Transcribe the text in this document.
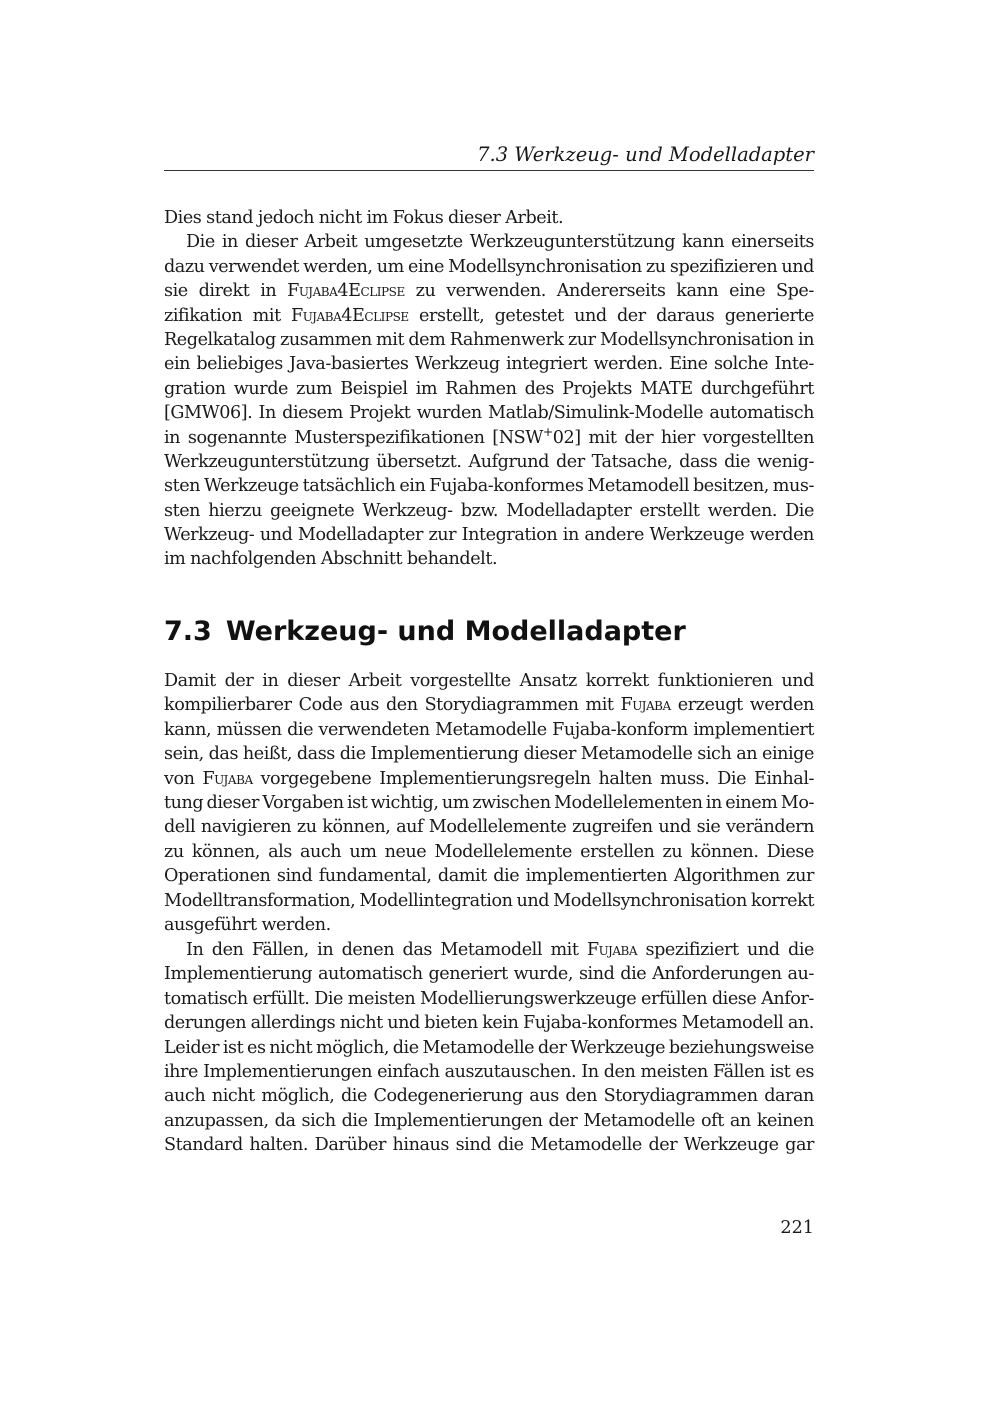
7.3 Werkzeug- und Modelladapter
Dies stand jedoch nicht im Fokus dieser Arbeit.
Die in dieser Arbeit umgesetzte Werkzeugunterstützung kann einerseits
dazu verwendet werden, um eine Modellsynchronisation zu spezifizieren und
sie direkt in Fujaba4Eclipse zu verwenden. Andererseits kann eine Spe-
zifikation mit Fujaba4Eclipse erstellt, getestet und der daraus generierte
Regelkatalog zusammen mit dem Rahmenwerk zur Modellsynchronisation in
ein beliebiges Java-basiertes Werkzeug integriert werden. Eine solche Inte-
gration wurde zum Beispiel im Rahmen des Projekts MATE durchgeführt
[GMW06]. In diesem Projekt wurden Matlab/Simulink-Modelle automatisch
in sogenannte Musterspezifikationen [NSW+02] mit der hier vorgestellten
Werkzeugunterstützung übersetzt. Aufgrund der Tatsache, dass die wenig-
sten Werkzeuge tatsächlich ein Fujaba-konformes Metamodell besitzen, mus-
sten hierzu geeignete Werkzeug- bzw. Modelladapter erstellt werden. Die
Werkzeug- und Modelladapter zur Integration in andere Werkzeuge werden
im nachfolgenden Abschnitt behandelt.
7.3 Werkzeug- und Modelladapter
Damit der in dieser Arbeit vorgestellte Ansatz korrekt funktionieren und
kompilierbarer Code aus den Storydiagrammen mit Fujaba erzeugt werden
kann, müssen die verwendeten Metamodelle Fujaba-konform implementiert
sein, das heißt, dass die Implementierung dieser Metamodelle sich an einige
von Fujaba vorgegebene Implementierungsregeln halten muss. Die Einhal-
tung dieser Vorgaben ist wichtig, um zwischen Modellelementen in einem Mo-
dell navigieren zu können, auf Modellelemente zugreifen und sie verändern
zu können, als auch um neue Modellelemente erstellen zu können. Diese
Operationen sind fundamental, damit die implementierten Algorithmen zur
Modelltransformation, Modellintegration und Modellsynchronisation korrekt
ausgeführt werden.
In den Fällen, in denen das Metamodell mit Fujaba spezifiziert und die
Implementierung automatisch generiert wurde, sind die Anforderungen au-
tomatisch erfüllt. Die meisten Modellierungswerkzeuge erfüllen diese Anfor-
derungen allerdings nicht und bieten kein Fujaba-konformes Metamodell an.
Leider ist es nicht möglich, die Metamodelle der Werkzeuge beziehungsweise
ihre Implementierungen einfach auszutauschen. In den meisten Fällen ist es
auch nicht möglich, die Codegenerierung aus den Storydiagrammen daran
anzupassen, da sich die Implementierungen der Metamodelle oft an keinen
Standard halten. Darüber hinaus sind die Metamodelle der Werkzeuge gar
221
